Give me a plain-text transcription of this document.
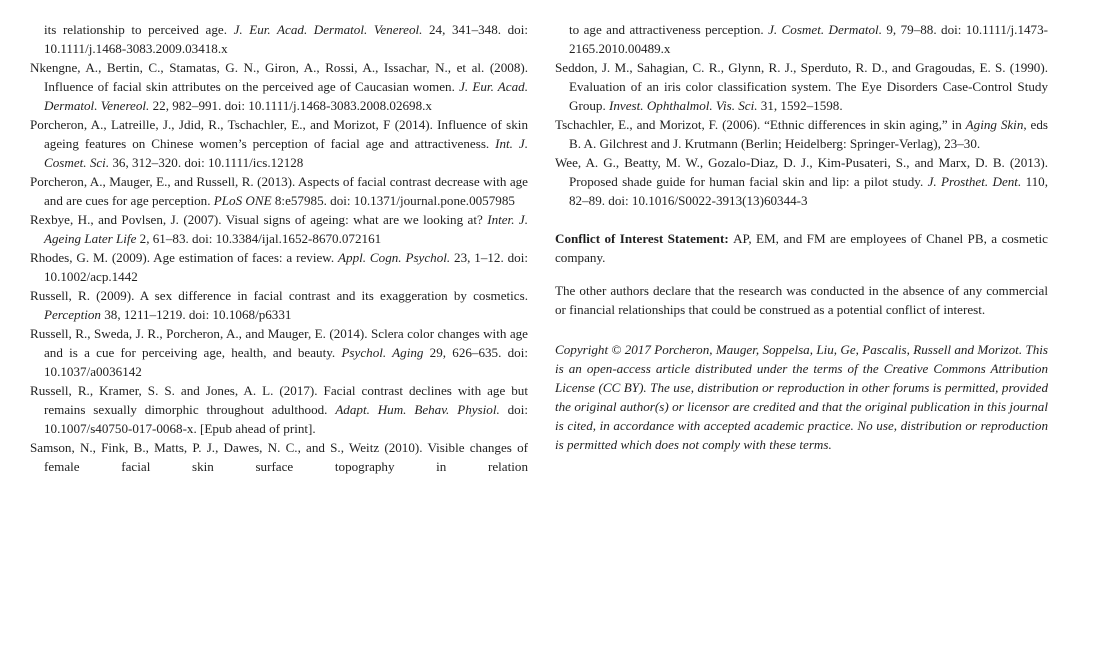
its relationship to perceived age. J. Eur. Acad. Dermatol. Venereol. 24, 341–348. doi: 10.1111/j.1468-3083.2009.03418.x

Nkengne, A., Bertin, C., Stamatas, G. N., Giron, A., Rossi, A., Issachar, N., et al. (2008). Influence of facial skin attributes on the perceived age of Caucasian women. J. Eur. Acad. Dermatol. Venereol. 22, 982–991. doi: 10.1111/j.1468-3083.2008.02698.x

Porcheron, A., Latreille, J., Jdid, R., Tschachler, E., and Morizot, F (2014). Influence of skin ageing features on Chinese women’s perception of facial age and attractiveness. Int. J. Cosmet. Sci. 36, 312–320. doi: 10.1111/ics.12128

Porcheron, A., Mauger, E., and Russell, R. (2013). Aspects of facial contrast decrease with age and are cues for age perception. PLoS ONE 8:e57985. doi: 10.1371/journal.pone.0057985

Rexbye, H., and Povlsen, J. (2007). Visual signs of ageing: what are we looking at? Inter. J. Ageing Later Life 2, 61–83. doi: 10.3384/ijal.1652-8670.072161

Rhodes, G. M. (2009). Age estimation of faces: a review. Appl. Cogn. Psychol. 23, 1–12. doi: 10.1002/acp.1442

Russell, R. (2009). A sex difference in facial contrast and its exaggeration by cosmetics. Perception 38, 1211–1219. doi: 10.1068/p6331

Russell, R., Sweda, J. R., Porcheron, A., and Mauger, E. (2014). Sclera color changes with age and is a cue for perceiving age, health, and beauty. Psychol. Aging 29, 626–635. doi: 10.1037/a0036142

Russell, R., Kramer, S. S. and Jones, A. L. (2017). Facial contrast declines with age but remains sexually dimorphic throughout adulthood. Adapt. Hum. Behav. Physiol. doi: 10.1007/s40750-017-0068-x. [Epub ahead of print].

Samson, N., Fink, B., Matts, P. J., Dawes, N. C., and S., Weitz (2010). Visible changes of female facial skin surface topography in relation

to age and attractiveness perception. J. Cosmet. Dermatol. 9, 79–88. doi: 10.1111/j.1473-2165.2010.00489.x

Seddon, J. M., Sahagian, C. R., Glynn, R. J., Sperduto, R. D., and Gragoudas, E. S. (1990). Evaluation of an iris color classification system. The Eye Disorders Case-Control Study Group. Invest. Ophthalmol. Vis. Sci. 31, 1592–1598.

Tschachler, E., and Morizot, F. (2006). “Ethnic differences in skin aging,” in Aging Skin, eds B. A. Gilchrest and J. Krutmann (Berlin; Heidelberg: Springer-Verlag), 23–30.

Wee, A. G., Beatty, M. W., Gozalo-Diaz, D. J., Kim-Pusateri, S., and Marx, D. B. (2013). Proposed shade guide for human facial skin and lip: a pilot study. J. Prosthet. Dent. 110, 82–89. doi: 10.1016/S0022-3913(13)60344-3

Conflict of Interest Statement: AP, EM, and FM are employees of Chanel PB, a cosmetic company.

The other authors declare that the research was conducted in the absence of any commercial or financial relationships that could be construed as a potential conflict of interest.

Copyright © 2017 Porcheron, Mauger, Soppelsa, Liu, Ge, Pascalis, Russell and Morizot. This is an open-access article distributed under the terms of the Creative Commons Attribution License (CC BY). The use, distribution or reproduction in other forums is permitted, provided the original author(s) or licensor are credited and that the original publication in this journal is cited, in accordance with accepted academic practice. No use, distribution or reproduction is permitted which does not comply with these terms.
